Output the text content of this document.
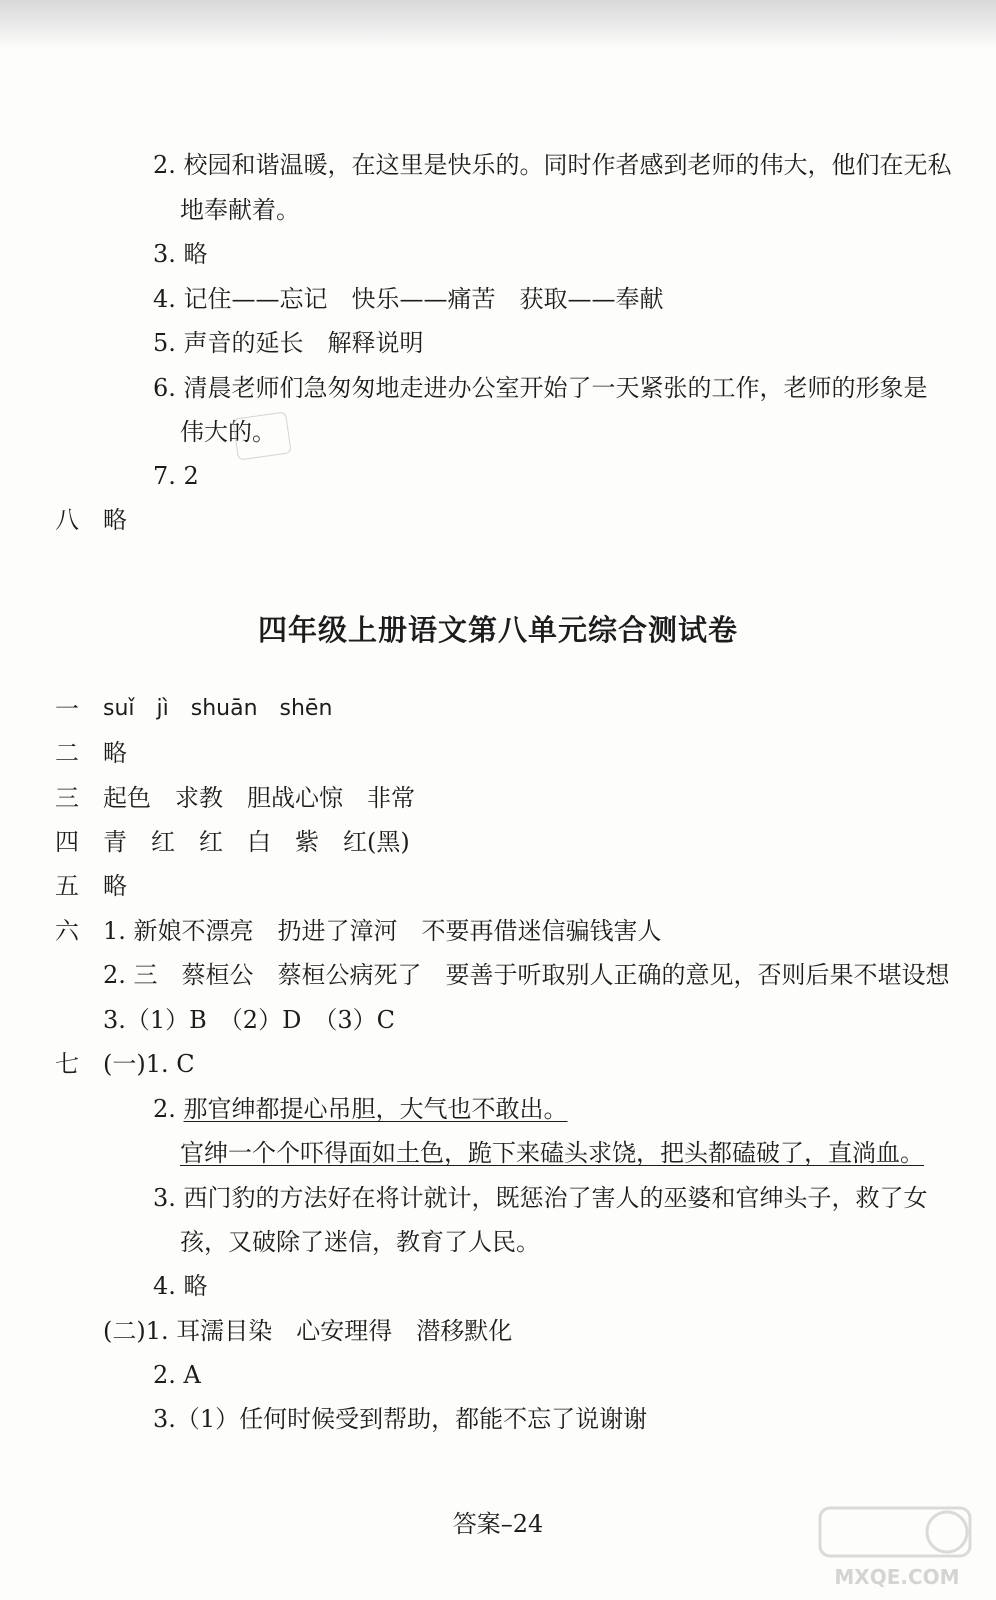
2. 校园和谐温暖，在这里是快乐的。同时作者感到老师的伟大，他们在无私
地奉献着。
3. 略
4. 记住——忘记　快乐——痛苦　获取——奉献
5. 声音的延长　解释说明
6. 清晨老师们急匆匆地走进办公室开始了一天紧张的工作，老师的形象是
伟大的。
7. 2
八 略
四年级上册语文第八单元综合测试卷
一 suǐ　jì　shuān　shēn
二 略
三 起色　求教　胆战心惊　非常
四 青　红　红　白　紫　红(黑)
五 略
六 1. 新娘不漂亮　扔进了漳河　不要再借迷信骗钱害人
2. 三　蔡桓公　蔡桓公病死了　要善于听取别人正确的意见，否则后果不堪设想
3.（1）B　（2）D　（3）C
七 (一)1. C
2. 那官绅都提心吊胆，大气也不敢出。
官绅一个个吓得面如土色，跪下来磕头求饶，把头都磕破了，直淌血。
3. 西门豹的方法好在将计就计，既惩治了害人的巫婆和官绅头子，救了女
孩，又破除了迷信，教育了人民。
4. 略
(二)1. 耳濡目染　心安理得　潜移默化
2. A
3.（1）任何时候受到帮助，都能不忘了说谢谢
答案–24
MXQE.COM
